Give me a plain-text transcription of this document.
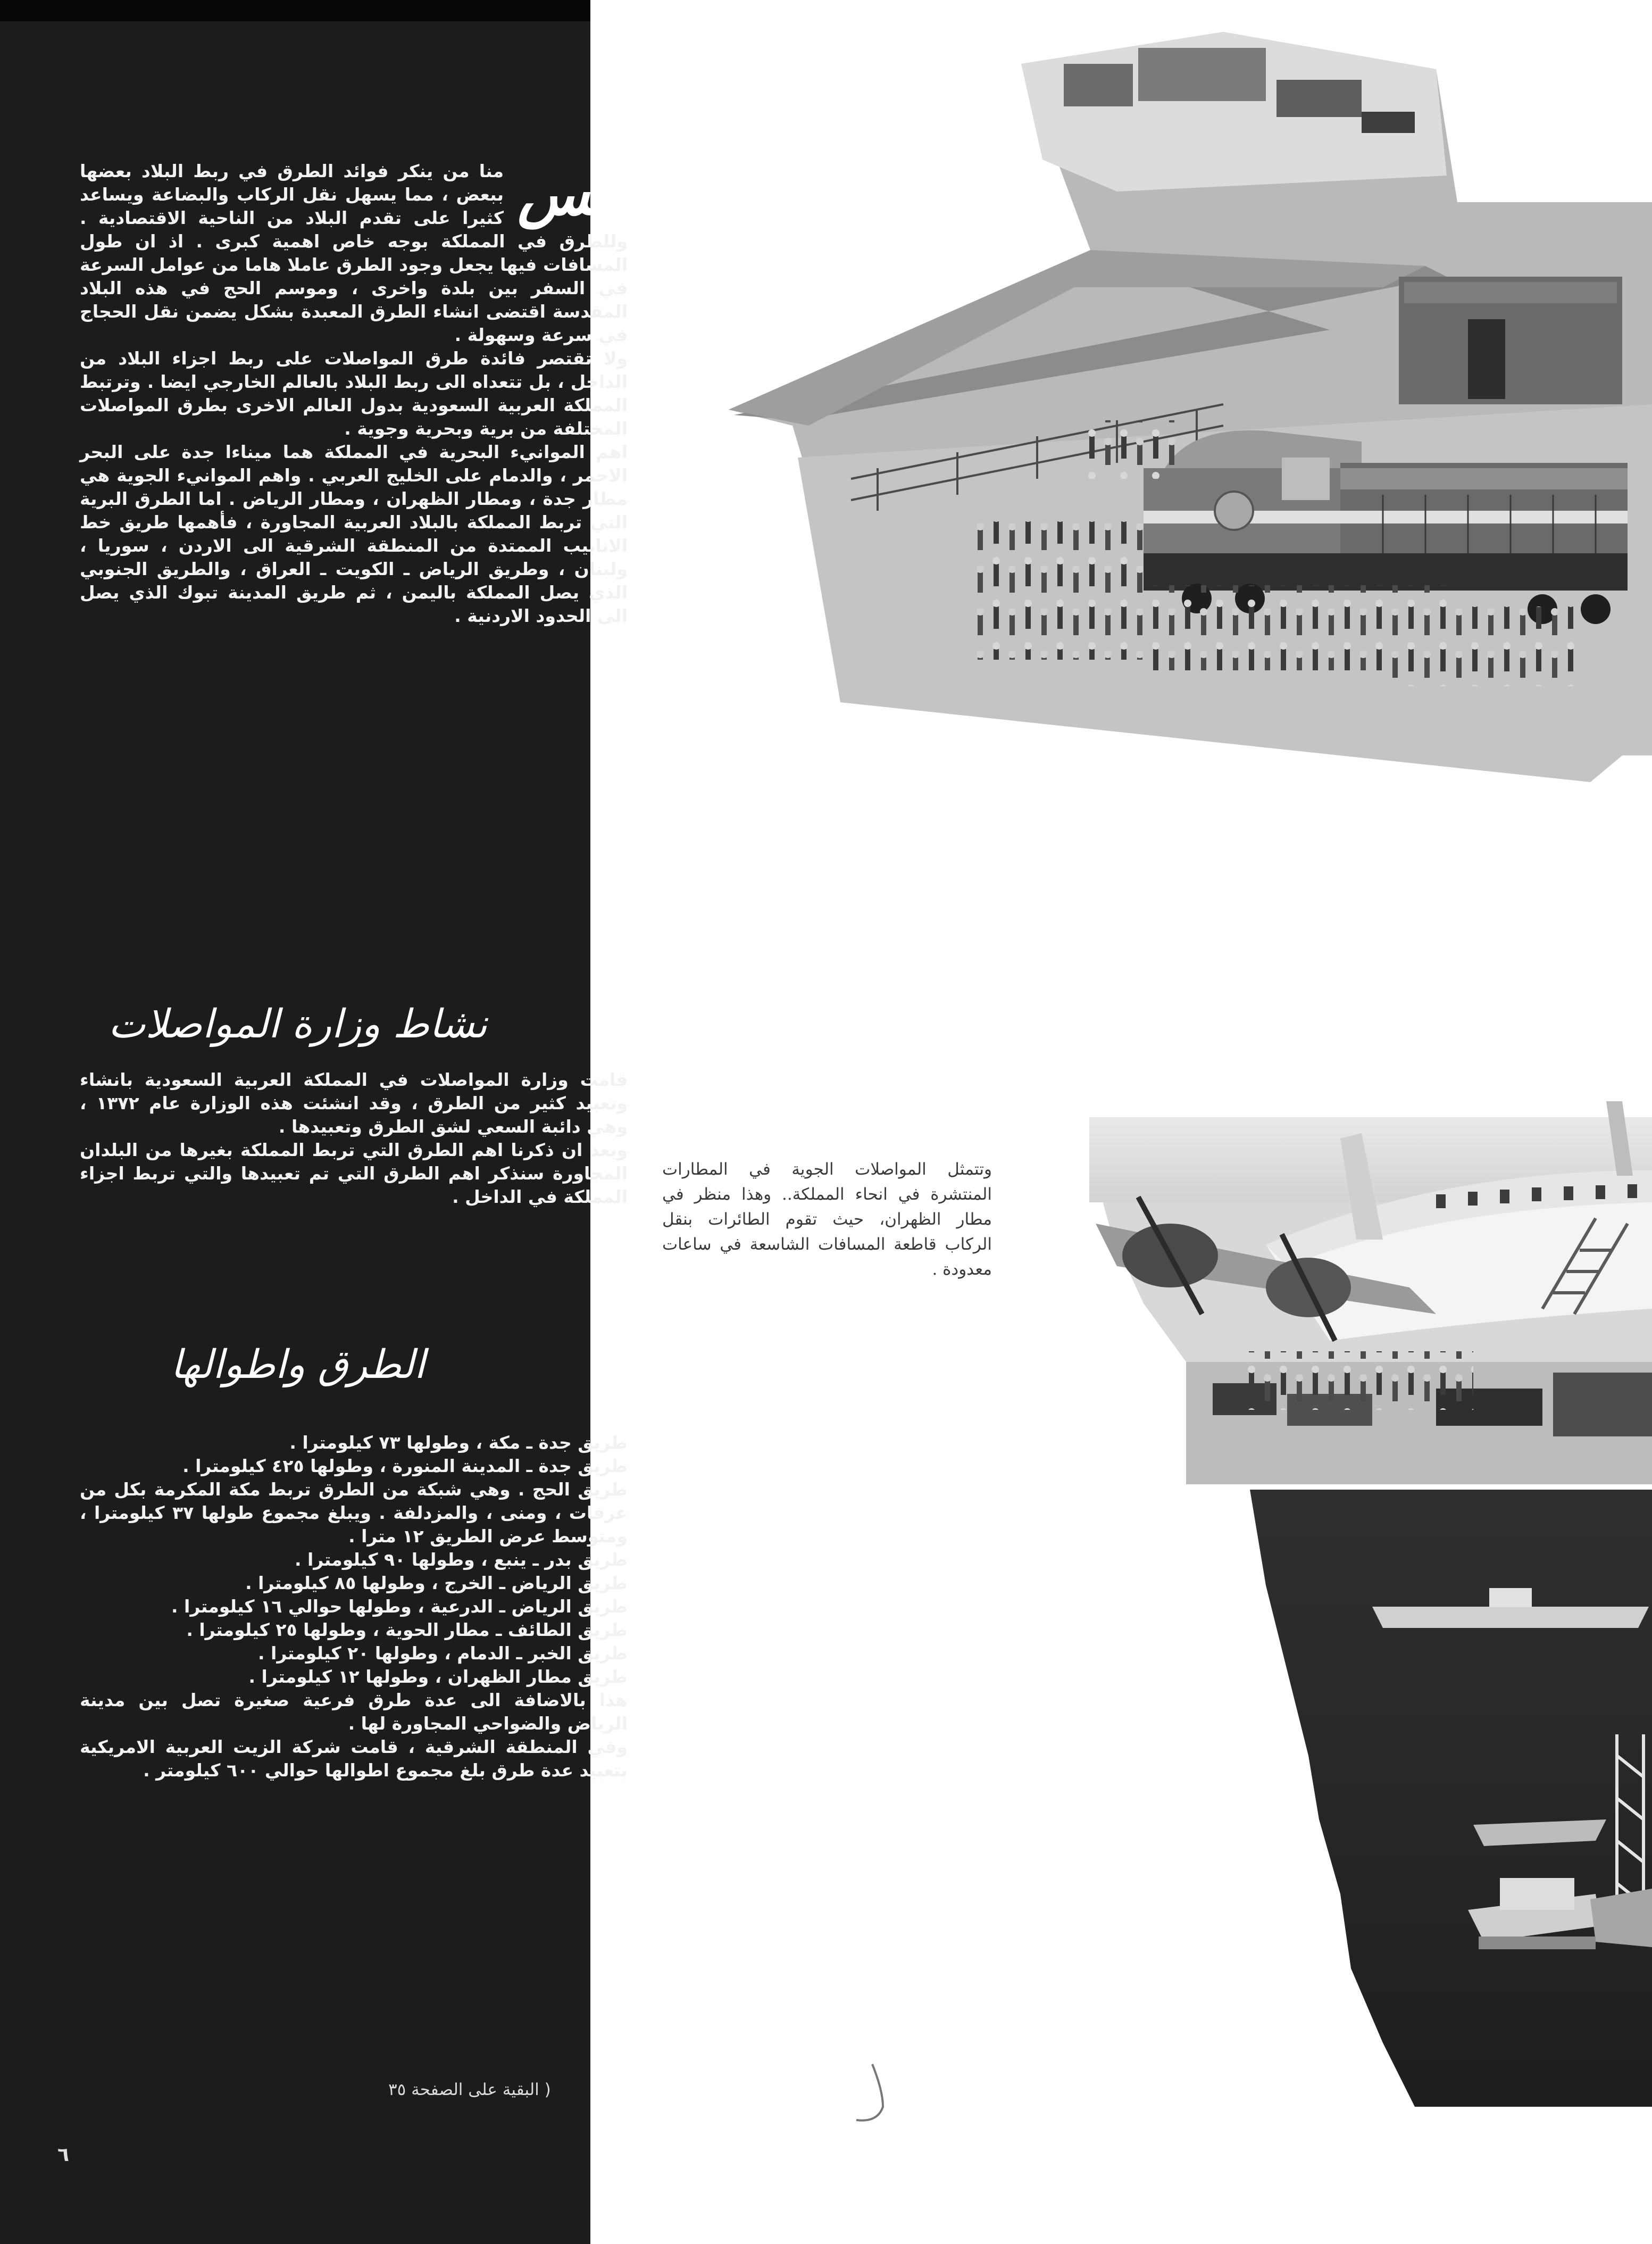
ليس

منا من ينكر فوائد الطرق في ربط البلاد بعضها ببعض ، مما يسهل نقل الركاب والبضاعة ويساعد كثيرا على تقدم البلاد من الناحية الاقتصادية . وللطرق في المملكة بوجه خاص اهمية كبرى . اذ ان طول المسافات فيها يجعل وجود الطرق عاملا هاما من عوامل السرعة في السفر بين بلدة واخرى ، وموسم الحج في هذه البلاد المقدسة اقتضى انشاء الطرق المعبدة بشكل يضمن نقل الحجاج في سرعة وسهولة .

ولا تقتصر فائدة طرق المواصلات على ربط اجزاء البلاد من الداخل ، بل تتعداه الى ربط البلاد بالعالم الخارجي ايضا . وترتبط المملكة العربية السعودية بدول العالم الاخرى بطرق المواصلات المختلفة من برية وبحرية وجوية .

اهم الموانيء البحرية في المملكة هما ميناءا جدة على البحر الاحمر ، والدمام على الخليج العربي . واهم الموانيء الجوية هي مطار جدة ، ومطار الظهران ، ومطار الرياض . اما الطرق البرية التي تربط المملكة بالبلاد العربية المجاورة ، فأهمها طريق خط الانابيب الممتدة من المنطقة الشرقية الى الاردن ، سوريا ، ولبنان ، وطريق الرياض ـ الكويت ـ العراق ، والطريق الجنوبي الذي يصل المملكة باليمن ، ثم طريق المدينة تبوك الذي يصل الى الحدود الاردنية .

نشاط وزارة المواصلات

قامت وزارة المواصلات في المملكة العربية السعودية بانشاء وتعبيد كثير من الطرق ، وقد انشئت هذه الوزارة عام ١٣٧٢ ، وهي دائبة السعي لشق الطرق وتعبيدها .

وبعد ان ذكرنا اهم الطرق التي تربط المملكة بغيرها من البلدان المجاورة سنذكر اهم الطرق التي تم تعبيدها والتي تربط اجزاء المملكة في الداخل .

الطرق واطوالها

طريق جدة ـ مكة ، وطولها ٧٣ كيلومترا .

طريق جدة ـ المدينة المنورة ، وطولها ٤٢٥ كيلومترا .

طريق الحج . وهي شبكة من الطرق تربط مكة المكرمة بكل من عرفات ، ومنى ، والمزدلفة . ويبلغ مجموع طولها ٣٧ كيلومترا ، ومتوسط عرض الطريق ١٢ مترا .

طريق بدر ـ ينبع ، وطولها ٩٠ كيلومترا .

طريق الرياض ـ الخرج ، وطولها ٨٥ كيلومترا .

طريق الرياض ـ الدرعية ، وطولها حوالي ١٦ كيلومترا .

طريق الطائف ـ مطار الحوية ، وطولها ٢٥ كيلومترا .

طريق الخبر ـ الدمام ، وطولها ٢٠ كيلومترا .

طريق مطار الظهران ، وطولها ١٢ كيلومترا .

هذا بالاضافة الى عدة طرق فرعية صغيرة تصل بين مدينة الرياض والضواحي المجاورة لها .

وفي المنطقة الشرقية ، قامت شركة الزيت العربية الامريكية بتعبيد عدة طرق بلغ مجموع اطوالها حوالي ٦٠٠ كيلومتر .

( البقية على الصفحة ٣٥
٦
وتتمثل المواصلات الجوية في المطارات المنتشرة في انحاء المملكة.. وهذا منظر في مطار الظهران، حيث تقوم الطائرات بنقل الركاب قاطعة المسافات الشاسعة في ساعات معدودة .
